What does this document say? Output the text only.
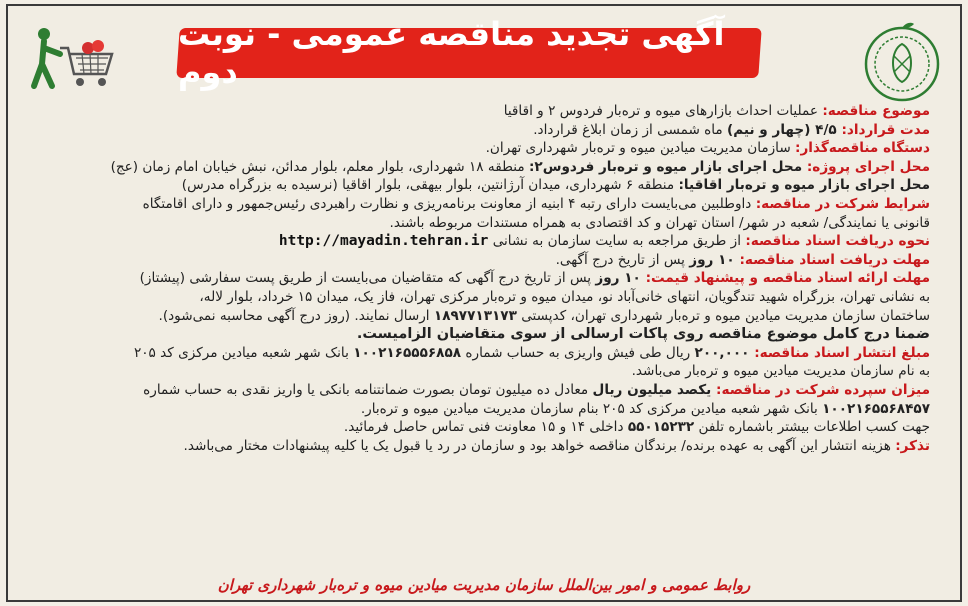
آگهی تجدید مناقصه عمومی - نوبت دوم
موضوع مناقصه: عملیات احداث بازارهای میوه و تره‌بار فردوس ۲ و اقاقیا
مدت قرارداد: ۴/۵ (چهار و نیم) ماه شمسی از زمان ابلاغ قرارداد.
دستگاه مناقصه‌گذار: سازمان مدیریت میادین میوه و تره‌بار شهرداری تهران.
محل اجرای پروژه: محل اجرای بازار میوه و تره‌بار فردوس۲: منطقه ۱۸ شهرداری، بلوار معلم، بلوار مدائن، نبش خیابان امام زمان (عج)
محل اجرای بازار میوه و تره‌بار اقاقیا: منطقه ۶ شهرداری، میدان آرژانتین، بلوار بیهقی، بلوار اقاقیا (نرسیده به بزرگراه مدرس)
شرایط شرکت در مناقصه: داوطلبین می‌بایست دارای رتبه ۴ ابنیه از معاونت برنامه‌ریزی و نظارت راهبردی رئیس‌جمهور و دارای اقامتگاه
قانونی یا نمایندگی/ شعبه در شهر/ استان تهران و کد اقتصادی به همراه مستندات مربوطه باشند.
نحوه دریافت اسناد مناقصه: از طریق مراجعه به سایت سازمان به نشانی http://mayadin.tehran.ir
مهلت دریافت اسناد مناقصه: ۱۰ روز پس از تاریخ درج آگهی.
مهلت ارائه اسناد مناقصه و پیشنهاد قیمت: ۱۰ روز پس از تاریخ درج آگهی که متقاضیان می‌بایست از طریق پست سفارشی (پیشتاز)
به نشانی تهران، بزرگراه شهید تندگویان، انتهای خانی‌آباد نو، میدان میوه و تره‌بار مرکزی تهران، فاز یک، میدان ۱۵ خرداد، بلوار لاله،
ساختمان سازمان مدیریت میادین میوه و تره‌بار شهرداری تهران، کدپستی ۱۸۹۷۷۱۳۱۷۳ ارسال نمایند. (روز درج آگهی محاسبه نمی‌شود).
ضمنا درج کامل موضوع مناقصه روی پاکات ارسالی از سوی متقاضیان الزامیست.
مبلغ انتشار اسناد مناقصه: ۲۰۰,۰۰۰ ریال طی فیش واریزی به حساب شماره ۱۰۰۲۱۶۵۵۵۶۸۵۸ بانک شهر شعبه میادین مرکزی کد ۲۰۵
به نام سازمان مدیریت میادین میوه و تره‌بار می‌باشد.
میزان سپرده شرکت در مناقصه: یکصد میلیون ریال معادل ده میلیون تومان بصورت ضمانتنامه بانکی یا واریز نقدی به حساب شماره
۱۰۰۲۱۶۵۵۶۸۴۵۷ بانک شهر شعبه میادین مرکزی کد ۲۰۵ بنام سازمان مدیریت میادین میوه و تره‌بار.
جهت کسب اطلاعات بیشتر باشماره تلفن ۵۵۰۱۵۲۳۲ داخلی ۱۴ و ۱۵ معاونت فنی تماس حاصل فرمائید.
تذکر: هزینه انتشار این آگهی به عهده برنده/ برندگان مناقصه خواهد بود و سازمان در رد یا قبول یک یا کلیه پیشنهادات مختار می‌باشد.
روابط عمومی و امور بین‌الملل سازمان مدیریت میادین میوه و تره‌بار شهرداری تهران
